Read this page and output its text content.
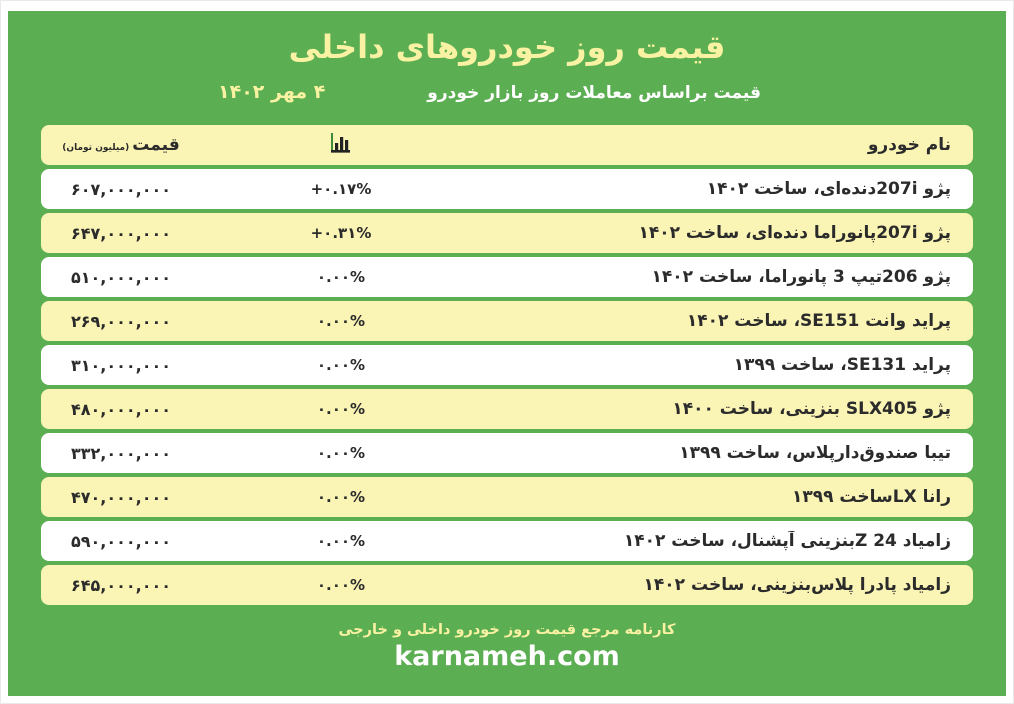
قیمت روز خودروهای داخلی
قیمت براساس معاملات روز بازار خودرو
۴ مهر ۱۴۰۲
نام خودرو
قیمت(میلیون تومان)
پژو 207iدنده‌ای، ساخت ۱۴۰۲
+۰.۱۷%
۶۰۷,۰۰۰,۰۰۰
پژو 207iپانوراما دنده‌ای، ساخت ۱۴۰۲
+۰.۳۱%
۶۴۷,۰۰۰,۰۰۰
پژو 206تیپ 3 پانوراما، ساخت ۱۴۰۲
۰.۰۰%
۵۱۰,۰۰۰,۰۰۰
پراید وانت SE151، ساخت ۱۴۰۲
۰.۰۰%
۲۶۹,۰۰۰,۰۰۰
پراید SE131، ساخت ۱۳۹۹
۰.۰۰%
۳۱۰,۰۰۰,۰۰۰
پژو SLX405 بنزینی، ساخت ۱۴۰۰
۰.۰۰%
۴۸۰,۰۰۰,۰۰۰
تیبا صندوق‌دارپلاس، ساخت ۱۳۹۹
۰.۰۰%
۳۳۲,۰۰۰,۰۰۰
رانا LXساخت ۱۳۹۹
۰.۰۰%
۴۷۰,۰۰۰,۰۰۰
زامیاد 24 Zبنزینی آپشنال، ساخت ۱۴۰۲
۰.۰۰%
۵۹۰,۰۰۰,۰۰۰
زامیاد پادرا پلاس‌بنزینی، ساخت ۱۴۰۲
۰.۰۰%
۶۴۵,۰۰۰,۰۰۰
کارنامه مرجع قیمت روز خودرو داخلی و خارجی
karnameh.com
